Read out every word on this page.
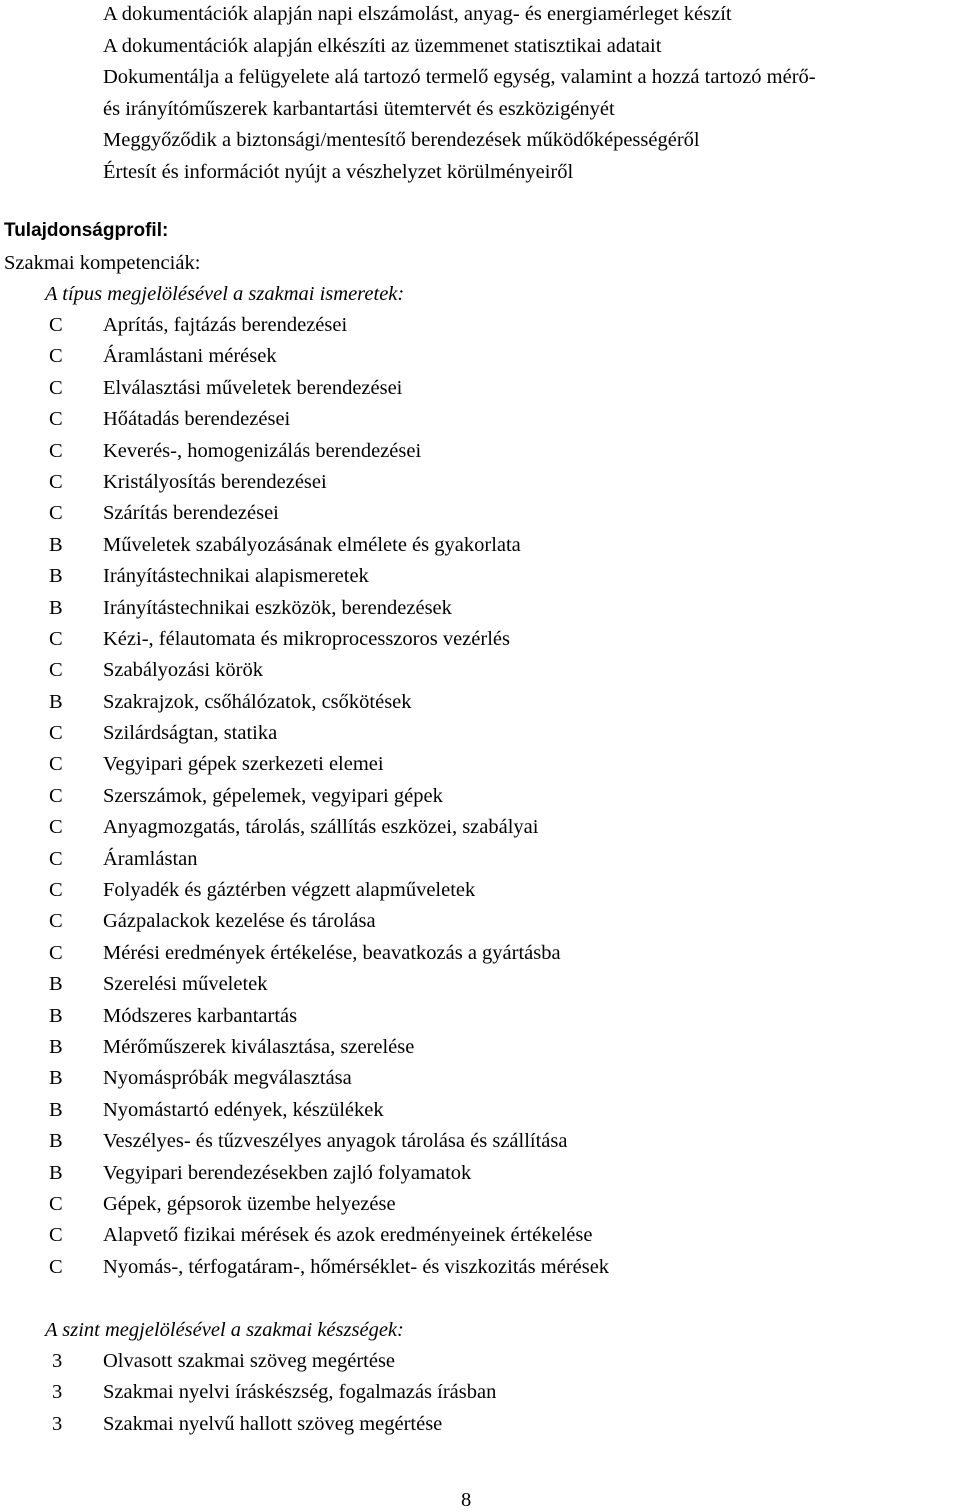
A dokumentációk alapján napi elszámolást, anyag- és energiamérleget készít
A dokumentációk alapján elkészíti az üzemmenet statisztikai adatait
Dokumentálja a felügyelete alá tartozó termelő egység, valamint a hozzá tartozó mérő-
és irányítóműszerek karbantartási ütemtervét és eszközigényét
Meggyőződik a biztonsági/mentesítő berendezések működőképességéről
Értesít és információt nyújt a vészhelyzet körülményeiről
Tulajdonságprofil:
Szakmai kompetenciák:
A típus megjelölésével a szakmai ismeretek:
C Aprítás, fajtázás berendezései
C Áramlástani mérések
C Elválasztási műveletek berendezései
C Hőátadás berendezései
C Keverés-, homogenizálás berendezései
C Kristályosítás berendezései
C Szárítás berendezései
B Műveletek szabályozásának elmélete és gyakorlata
B Irányítástechnikai alapismeretek
B Irányítástechnikai eszközök, berendezések
C Kézi-, félautomata és mikroprocesszoros vezérlés
C Szabályozási körök
B Szakrajzok, csőhálózatok, csőkötések
C Szilárdságtan, statika
C Vegyipari gépek szerkezeti elemei
C Szerszámok, gépelemek, vegyipari gépek
C Anyagmozgatás, tárolás, szállítás eszközei, szabályai
C Áramlástan
C Folyadék és gáztérben végzett alapműveletek
C Gázpalackok kezelése és tárolása
C Mérési eredmények értékelése, beavatkozás a gyártásba
B Szerelési műveletek
B Módszeres karbantartás
B Mérőműszerek kiválasztása, szerelése
B Nyomáspróbák megválasztása
B Nyomástartó edények, készülékek
B Veszélyes- és tűzveszélyes anyagok tárolása és szállítása
B Vegyipari berendezésekben zajló folyamatok
C Gépek, gépsorok üzembe helyezése
C Alapvető fizikai mérések és azok eredményeinek értékelése
C Nyomás-, térfogatáram-, hőmérséklet- és viszkozitás mérések
A szint megjelölésével a szakmai készségek:
3 Olvasott szakmai szöveg megértése
3 Szakmai nyelvi íráskészség, fogalmazás írásban
3 Szakmai nyelvű hallott szöveg megértése
8
